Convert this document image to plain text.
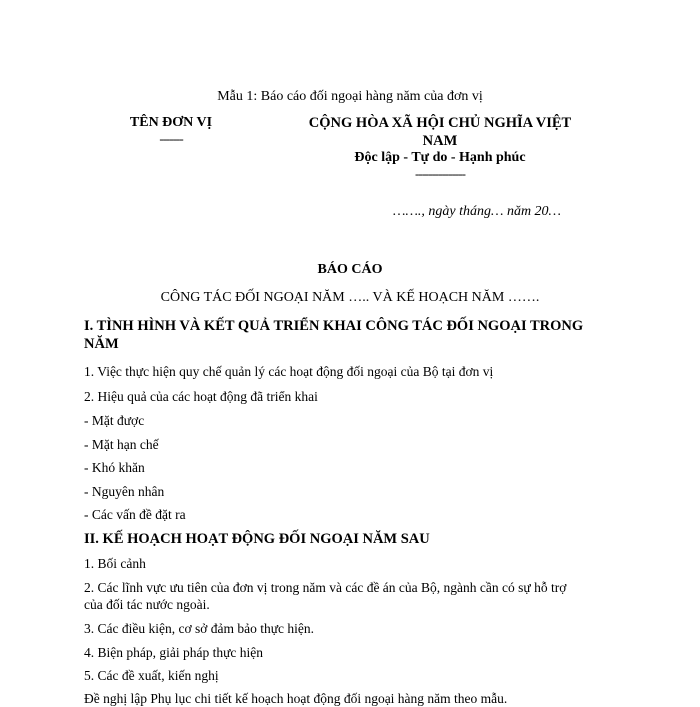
Mẫu 1: Báo cáo đối ngoại hàng năm của đơn vị
TÊN ĐƠN VỊ
-------
CỘNG HÒA XÃ HỘI CHỦ NGHĨA VIỆT
NAM
Độc lập - Tự do - Hạnh phúc
---------------
……., ngày tháng… năm 20…
BÁO CÁO
CÔNG TÁC ĐỐI NGOẠI NĂM ….. VÀ KẾ HOẠCH NĂM …….
I. TÌNH HÌNH VÀ KẾT QUẢ TRIỂN KHAI CÔNG TÁC ĐỐI NGOẠI TRONG
NĂM
1. Việc thực hiện quy chế quản lý các hoạt động đối ngoại của Bộ tại đơn vị
2. Hiệu quả của các hoạt động đã triển khai
- Mặt được
- Mặt hạn chế
- Khó khăn
- Nguyên nhân
- Các vấn đề đặt ra
II. KẾ HOẠCH HOẠT ĐỘNG ĐỐI NGOẠI NĂM SAU
1. Bối cảnh
2. Các lĩnh vực ưu tiên của đơn vị trong năm và các đề án của Bộ, ngành cần có sự hỗ trợ
của đối tác nước ngoài.
3. Các điều kiện, cơ sở đảm bảo thực hiện.
4. Biện pháp, giải pháp thực hiện
5. Các đề xuất, kiến nghị
Đề nghị lập Phụ lục chi tiết kế hoạch hoạt động đối ngoại hàng năm theo mẫu.
